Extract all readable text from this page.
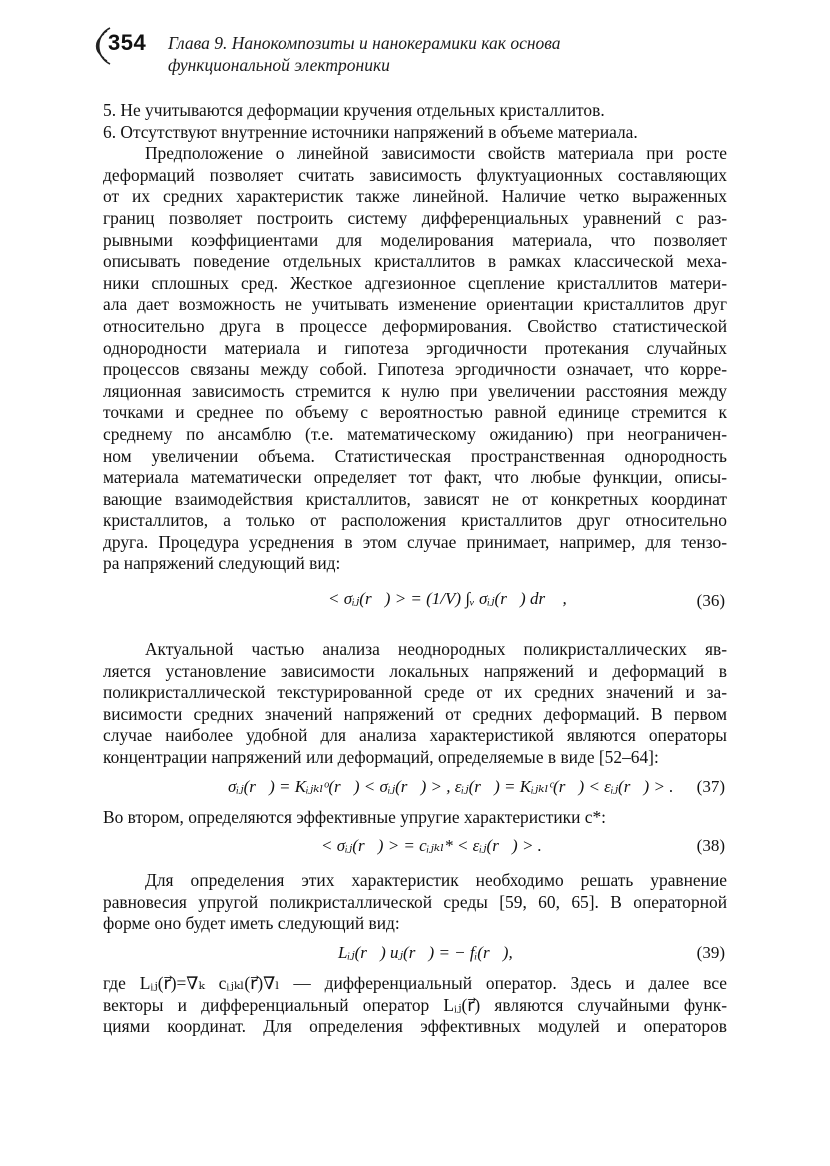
354 Глава 9. Нанокомпозиты и нанокерамики как основа
функциональной электроники
5. Не учитываются деформации кручения отдельных кристаллитов.
6. Отсутствуют внутренние источники напряжений в объеме материала.
Предположение о линейной зависимости свойств материала при росте
деформаций позволяет считать зависимость флуктуационных составляющих
от их средних характеристик также линейной. Наличие четко выраженных
границ позволяет построить систему дифференциальных уравнений с раз-
рывными коэффициентами для моделирования материала, что позволяет
описывать поведение отдельных кристаллитов в рамках классической меха-
ники сплошных сред. Жесткое адгезионное сцепление кристаллитов матери-
ала дает возможность не учитывать изменение ориентации кристаллитов друг
относительно друга в процессе деформирования. Свойство статистической
однородности материала и гипотеза эргодичности протекания случайных
процессов связаны между собой. Гипотеза эргодичности означает, что корре-
ляционная зависимость стремится к нулю при увеличении расстояния между
точками и среднее по объему с вероятностью равной единице стремится к
среднему по ансамблю (т.е. математическому ожиданию) при неограничен-
ном увеличении объема. Статистическая пространственная однородность
материала математически определяет тот факт, что любые функции, описы-
вающие взаимодействия кристаллитов, зависят не от конкретных координат
кристаллитов, а только от расположения кристаллитов друг относительно
друга. Процедура усреднения в этом случае принимает, например, для тензо-
ра напряжений следующий вид:
< σᵢⱼ(r⃗) > = (1/V) ∫ᵥ σᵢⱼ(r⃗) dr⃗ ,	(36)
Актуальной частью анализа неоднородных поликристаллических яв-
ляется установление зависимости локальных напряжений и деформаций в
поликристаллической текстурированной среде от их средних значений и за-
висимости средних значений напряжений от средних деформаций. В первом
случае наиболее удобной для анализа характеристикой являются операторы
концентрации напряжений или деформаций, определяемые в виде [52–64]:
σᵢⱼ(r⃗) = Kᵢⱼₖₗᵒ(r⃗) < σᵢⱼ(r⃗) > , εᵢⱼ(r⃗) = Kᵢⱼₖₗᶜ(r⃗) < εᵢⱼ(r⃗) > . (37)
Во втором, определяются эффективные упругие характеристики c*:
< σᵢⱼ(r⃗) > = cᵢⱼₖₗ* < εᵢⱼ(r⃗) > .	(38)
Для определения этих характеристик необходимо решать уравнение
равновесия упругой поликристаллической среды [59, 60, 65]. В операторной
форме оно будет иметь следующий вид:
Lᵢⱼ(r⃗) uⱼ(r⃗) = − fᵢ(r⃗),	(39)
где Lᵢⱼ(r⃗)=∇ₖ cᵢⱼₖₗ(r⃗)∇ₗ — дифференциальный оператор. Здесь и далее все
векторы и дифференциальный оператор Lᵢⱼ(r⃗) являются случайными функ-
циями координат. Для определения эффективных модулей и операторов
